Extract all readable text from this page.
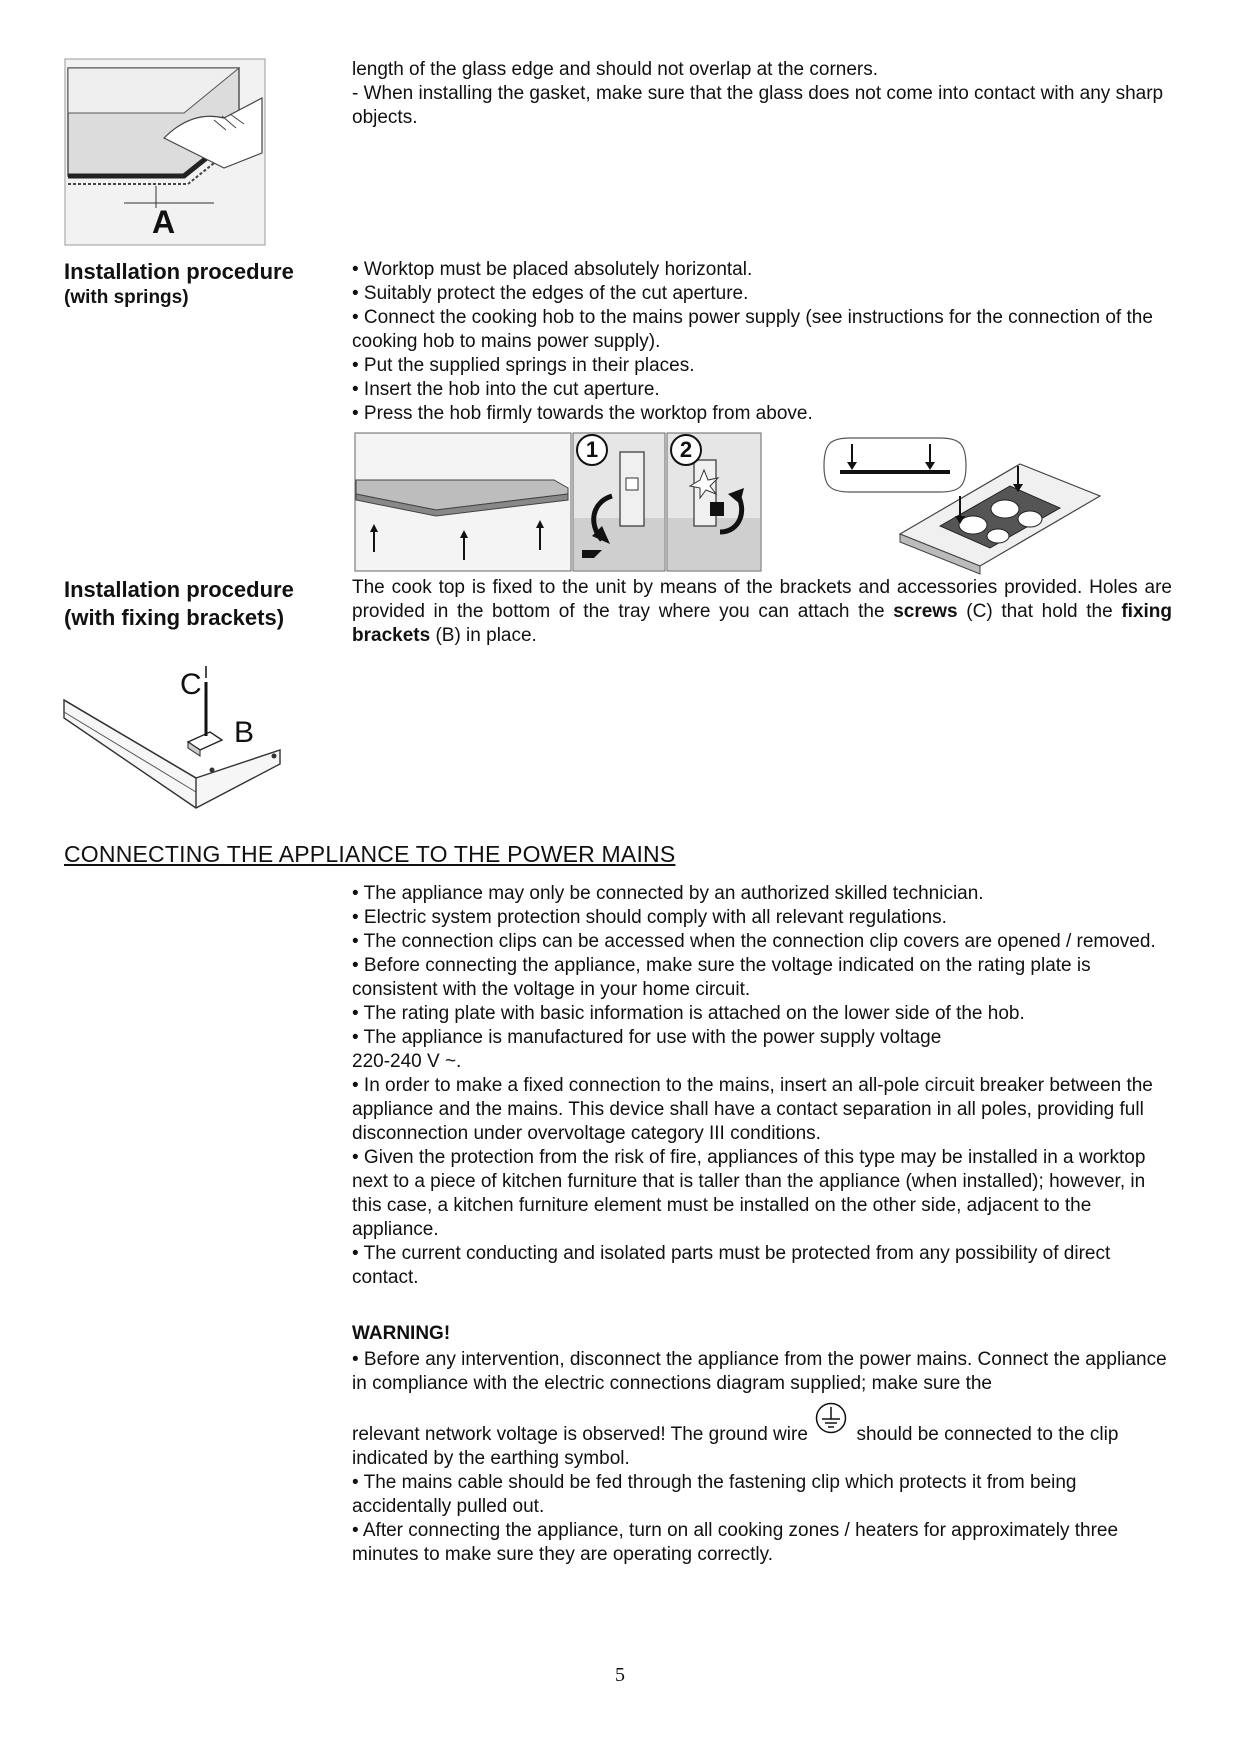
A
length of the glass edge and should not overlap at the corners.
- When installing the gasket, make sure that the glass does not come into contact with any sharp objects.
Installation procedure
(with springs)
• Worktop must be placed absolutely horizontal.
• Suitably protect the edges of the cut aperture.
• Connect the cooking hob to the mains power supply (see instructions for the connection of the cooking hob to mains power supply).
• Put the supplied springs in their places.
• Insert the hob into the cut aperture.
• Press the hob firmly towards the worktop from above.
1	2
Installation procedure
(with fixing brackets)
The cook top is fixed to the unit by means of the brackets and accessories provided. Holes are provided in the bottom of the tray where you can attach the screws (C) that hold the fixing brackets (B) in place.
C
B
CONNECTING THE APPLIANCE TO THE POWER MAINS
• The appliance may only be connected by an authorized skilled technician.
• Electric system protection should comply with all relevant regulations.
• The connection clips can be accessed when the connection clip covers are opened / removed.
• Before connecting the appliance, make sure the voltage indicated on the rating plate is consistent with the voltage in your home circuit.
• The rating plate with basic information is attached on the lower side of the hob.
• The appliance is manufactured for use with the power supply voltage
220-240 V ~.
• In order to make a fixed connection to the mains, insert an all-pole circuit breaker between the appliance and the mains. This device shall have a contact separation in all poles, providing full disconnection under overvoltage category III conditions.
• Given the protection from the risk of fire, appliances of this type may be installed in a worktop next to a piece of kitchen furniture that is taller than the appliance (when installed); however, in this case, a kitchen furniture element must be installed on the other side, adjacent to the appliance.
• The current conducting and isolated parts must be protected from any possibility of direct contact.
WARNING!
• Before any intervention, disconnect the appliance from the power mains. Connect the appliance in compliance with the electric connections diagram supplied; make sure the
relevant network voltage is observed! The ground wire
should be connected to the clip indicated by the earthing symbol.
• The mains cable should be fed through the fastening clip which protects it from being accidentally pulled out.
• After connecting the appliance, turn on all cooking zones / heaters for approximately three minutes to make sure they are operating correctly.
5
